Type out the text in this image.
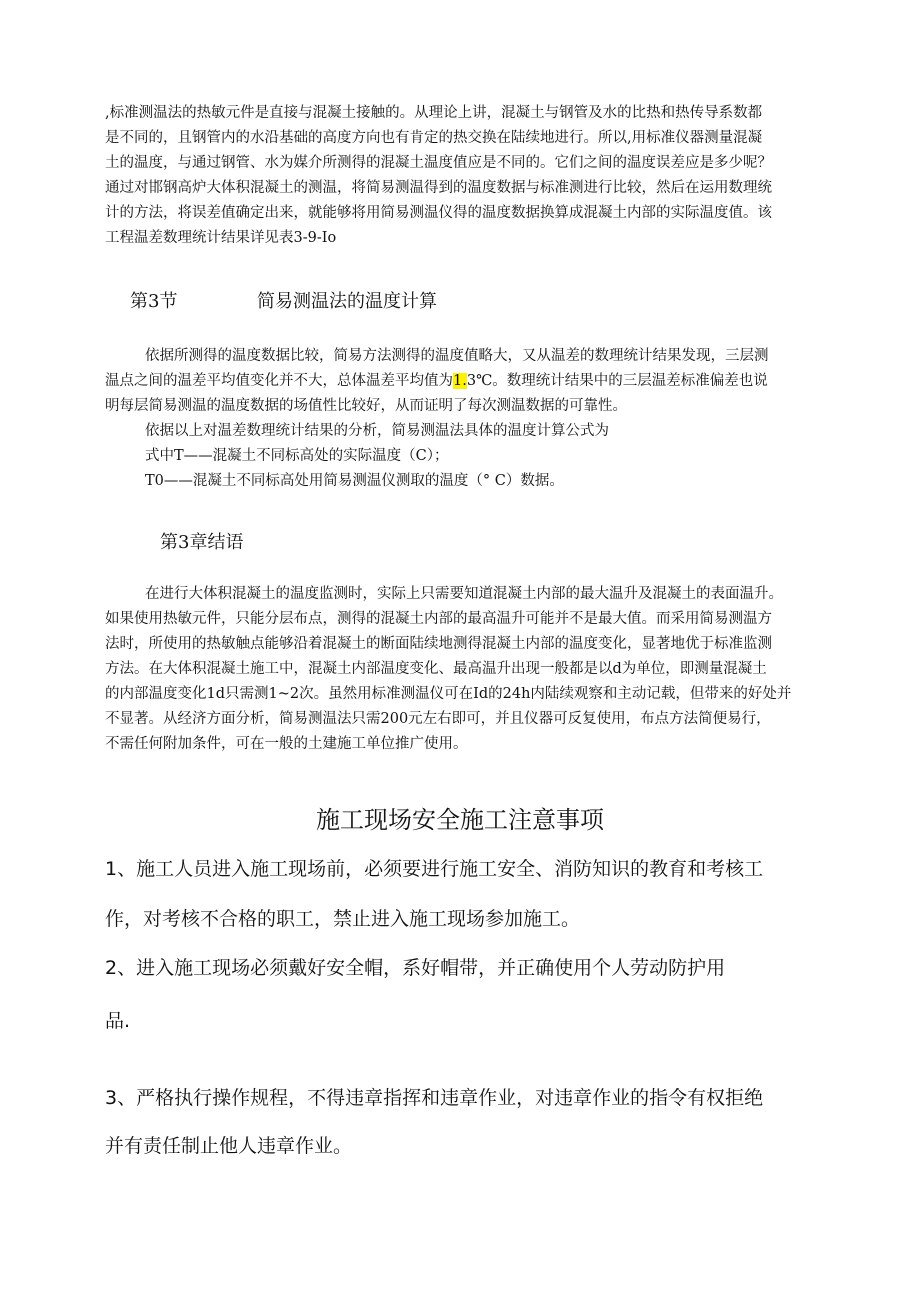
,标准测温法的热敏元件是直接与混凝土接触的。从理论上讲，混凝土与钢管及水的比热和热传导系数都
是不同的，且钢管内的水沿基础的高度方向也有肯定的热交换在陆续地进行。所以,用标准仪器测量混凝
土的温度，与通过钢管、水为媒介所测得的混凝土温度值应是不同的。它们之间的温度误差应是多少呢？
通过对邯钢高炉大体积混凝土的测温，将简易测温得到的温度数据与标准测进行比较，然后在运用数理统
计的方法，将误差值确定出来，就能够将用简易测温仪得的温度数据换算成混凝土内部的实际温度值。该
工程温差数理统计结果详见表3-9-Io
第3节	简易测温法的温度计算
依据所测得的温度数据比较，简易方法测得的温度值略大，又从温差的数理统计结果发现，三层测
温点之间的温差平均值变化并不大，总体温差平均值为1.3℃。数理统计结果中的三层温差标准偏差也说
明每层简易测温的温度数据的场值性比较好，从而证明了每次测温数据的可靠性。
依据以上对温差数理统计结果的分析，简易测温法具体的温度计算公式为
式中T——混凝土不同标高处的实际温度（C）；
T0——混凝土不同标高处用简易测温仪测取的温度（° C）数据。
第3章结语
在进行大体积混凝土的温度监测时，实际上只需要知道混凝土内部的最大温升及混凝土的表面温升。
如果使用热敏元件，只能分层布点，测得的混凝土内部的最高温升可能并不是最大值。而采用简易测温方
法时，所使用的热敏触点能够沿着混凝土的断面陆续地测得混凝土内部的温度变化，显著地优于标准监测
方法。在大体积混凝土施工中，混凝土内部温度变化、最高温升出现一般都是以d为单位，即测量混凝土
的内部温度变化1d只需测1~2次。虽然用标准测温仪可在Id的24h内陆续观察和主动记载，但带来的好处并
不显著。从经济方面分析，简易测温法只需200元左右即可，并且仪器可反复使用，布点方法简便易行，
不需任何附加条件，可在一般的土建施工单位推广使用。
施工现场安全施工注意事项
1、施工人员进入施工现场前，必须要进行施工安全、消防知识的教育和考核工
作，对考核不合格的职工，禁止进入施工现场参加施工。
2、进入施工现场必须戴好安全帽，系好帽带，并正确使用个人劳动防护用
品.
3、严格执行操作规程，不得违章指挥和违章作业，对违章作业的指令有权拒绝
并有责任制止他人违章作业。
